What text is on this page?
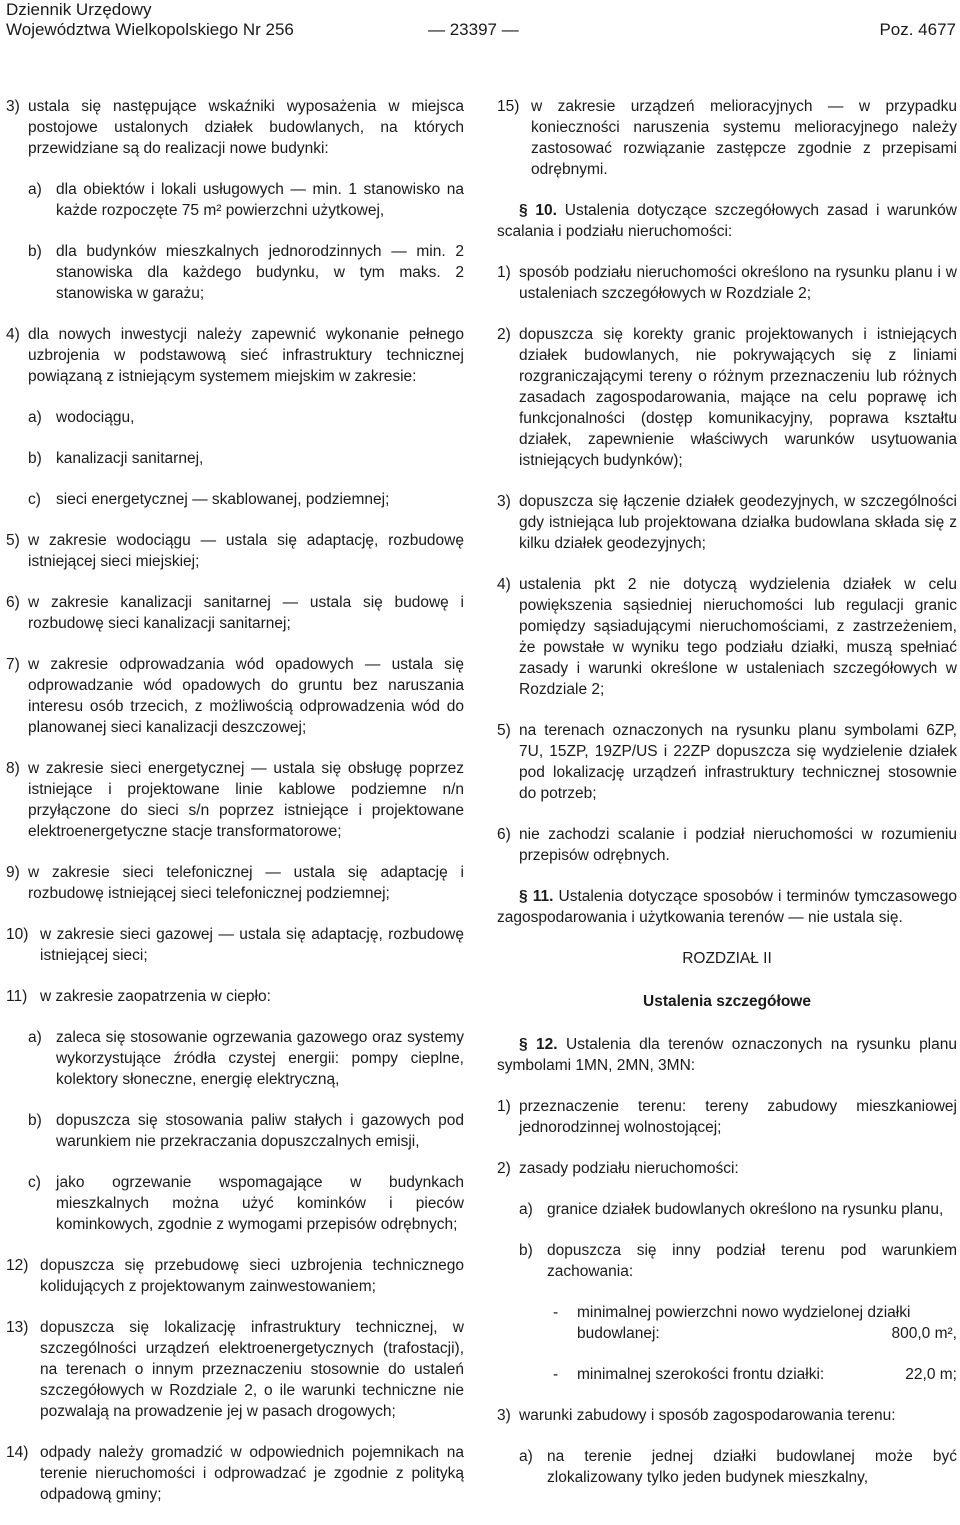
Dziennik Urzędowy
Województwa Wielkopolskiego Nr 256	— 23397 —	Poz. 4677
3) ustala się następujące wskaźniki wyposażenia w miejsca postojowe ustalonych działek budowlanych, na których przewidziane są do realizacji nowe budynki:
a) dla obiektów i lokali usługowych — min. 1 stanowisko na każde rozpoczęte 75 m² powierzchni użytkowej,
b) dla budynków mieszkalnych jednorodzinnych — min. 2 stanowiska dla każdego budynku, w tym maks. 2 stanowiska w garażu;
4) dla nowych inwestycji należy zapewnić wykonanie pełnego uzbrojenia w podstawową sieć infrastruktury technicznej powiązaną z istniejącym systemem miejskim w zakresie:
a) wodociągu,
b) kanalizacji sanitarnej,
c) sieci energetycznej — skablowanej, podziemnej;
5) w zakresie wodociągu — ustala się adaptację, rozbudowę istniejącej sieci miejskiej;
6) w zakresie kanalizacji sanitarnej — ustala się budowę i rozbudowę sieci kanalizacji sanitarnej;
7) w zakresie odprowadzania wód opadowych — ustala się odprowadzanie wód opadowych do gruntu bez naruszania interesu osób trzecich, z możliwością odprowadzenia wód do planowanej sieci kanalizacji deszczowej;
8) w zakresie sieci energetycznej — ustala się obsługę poprzez istniejące i projektowane linie kablowe podziemne n/n przyłączone do sieci s/n poprzez istniejące i projektowane elektroenergetyczne stacje transformatorowe;
9) w zakresie sieci telefonicznej — ustala się adaptację i rozbudowę istniejącej sieci telefonicznej podziemnej;
10) w zakresie sieci gazowej — ustala się adaptację, rozbudowę istniejącej sieci;
11) w zakresie zaopatrzenia w ciepło:
a) zaleca się stosowanie ogrzewania gazowego oraz systemy wykorzystujące źródła czystej energii: pompy cieplne, kolektory słoneczne, energię elektryczną,
b) dopuszcza się stosowania paliw stałych i gazowych pod warunkiem nie przekraczania dopuszczalnych emisji,
c) jako ogrzewanie wspomagające w budynkach mieszkalnych można użyć kominków i pieców kominkowych, zgodnie z wymogami przepisów odrębnych;
12) dopuszcza się przebudowę sieci uzbrojenia technicznego kolidujących z projektowanym zainwestowaniem;
13) dopuszcza się lokalizację infrastruktury technicznej, w szczególności urządzeń elektroenergetycznych (trafostacji), na terenach o innym przeznaczeniu stosownie do ustaleń szczegółowych w Rozdziale 2, o ile warunki techniczne nie pozwalają na prowadzenie jej w pasach drogowych;
14) odpady należy gromadzić w odpowiednich pojemnikach na terenie nieruchomości i odprowadzać je zgodnie z polityką odpadową gminy;
15) w zakresie urządzeń melioracyjnych — w przypadku konieczności naruszenia systemu melioracyjnego należy zastosować rozwiązanie zastępcze zgodnie z przepisami odrębnymi.
§ 10. Ustalenia dotyczące szczegółowych zasad i warunków scalania i podziału nieruchomości:
1) sposób podziału nieruchomości określono na rysunku planu i w ustaleniach szczegółowych w Rozdziale 2;
2) dopuszcza się korekty granic projektowanych i istniejących działek budowlanych, nie pokrywających się z liniami rozgraniczającymi tereny o różnym przeznaczeniu lub różnych zasadach zagospodarowania, mające na celu poprawę ich funkcjonalności (dostęp komunikacyjny, poprawa kształtu działek, zapewnienie właściwych warunków usytuowania istniejących budynków);
3) dopuszcza się łączenie działek geodezyjnych, w szczególności gdy istniejąca lub projektowana działka budowlana składa się z kilku działek geodezyjnych;
4) ustalenia pkt 2 nie dotyczą wydzielenia działek w celu powiększenia sąsiedniej nieruchomości lub regulacji granic pomiędzy sąsiadującymi nieruchomościami, z zastrzeżeniem, że powstałe w wyniku tego podziału działki, muszą spełniać zasady i warunki określone w ustaleniach szczegółowych w Rozdziale 2;
5) na terenach oznaczonych na rysunku planu symbolami 6ZP, 7U, 15ZP, 19ZP/US i 22ZP dopuszcza się wydzielenie działek pod lokalizację urządzeń infrastruktury technicznej stosownie do potrzeb;
6) nie zachodzi scalanie i podział nieruchomości w rozumieniu przepisów odrębnych.
§ 11. Ustalenia dotyczące sposobów i terminów tymczasowego zagospodarowania i użytkowania terenów — nie ustala się.
ROZDZIAŁ II
Ustalenia szczegółowe
§ 12. Ustalenia dla terenów oznaczonych na rysunku planu symbolami 1MN, 2MN, 3MN:
1) przeznaczenie terenu: tereny zabudowy mieszkaniowej jednorodzinnej wolnostojącej;
2) zasady podziału nieruchomości:
a) granice działek budowlanych określono na rysunku planu,
b) dopuszcza się inny podział terenu pod warunkiem zachowania:
- minimalnej powierzchni nowo wydzielonej działki budowlanej:	800,0 m²,
- minimalnej szerokości frontu działki:	22,0 m;
3) warunki zabudowy i sposób zagospodarowania terenu:
a) na terenie jednej działki budowlanej może być zlokalizowany tylko jeden budynek mieszkalny,
